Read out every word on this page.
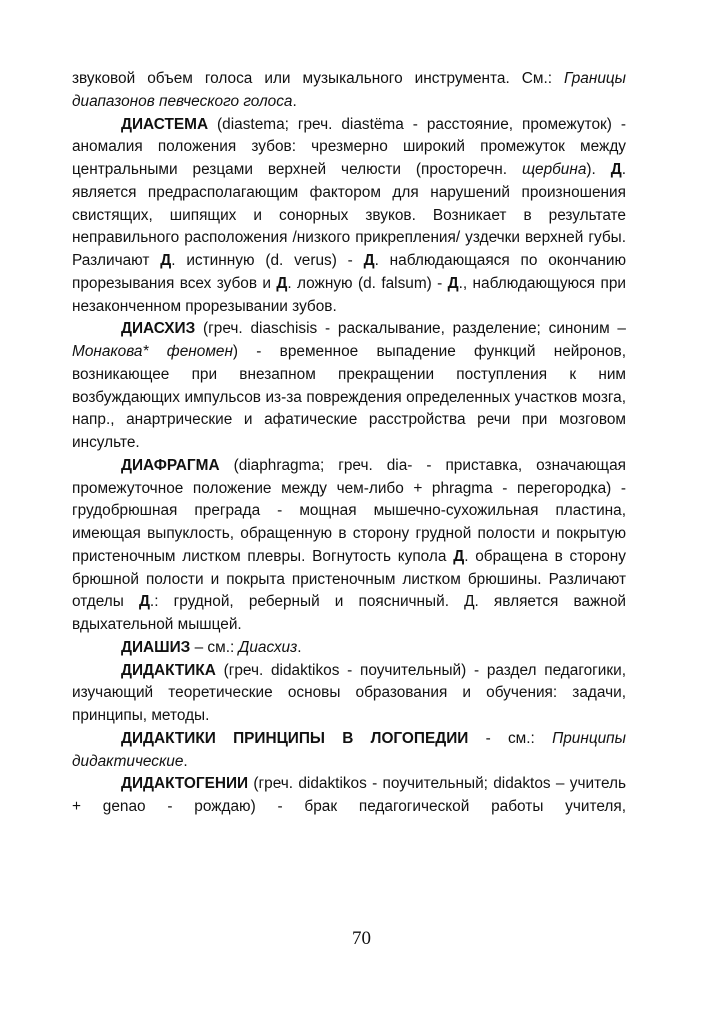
звуковой объем голоса или музыкального инструмента. См.: Границы диапазонов певческого голоса.

ДИАСТЕМА (diastema; греч. diastёma - расстояние, промежуток) - аномалия положения зубов: чрезмерно широкий промежуток между центральными резцами верхней челюсти (просторечн. щербина). Д. является предрасполагающим фактором для нарушений произношения свистящих, шипящих и сонорных звуков. Возникает в результате неправильного расположения /низкого прикрепления/ уздечки верхней губы. Различают Д. истинную (d. verus) - Д. наблюдающаяся по окончанию прорезывания всех зубов и Д. ложную (d. falsum) - Д., наблюдающуюся при незаконченном прорезывании зубов.

ДИАСХИЗ (греч. diaschisis - раскалывание, разделение; синоним – Монакова* феномен) - временное выпадение функций нейронов, возникающее при внезапном прекращении поступления к ним возбуждающих импульсов из-за повреждения определенных участков мозга, напр., анартрические и афатические расстройства речи при мозговом инсульте.

ДИАФРАГМА (diaphragma; греч. dia- - приставка, означающая промежуточное положение между чем-либо + phragma - перегородка) - грудобрюшная преграда - мощная мышечно-сухожильная пластина, имеющая выпуклость, обращенную в сторону грудной полости и покрытую пристеночным листком плевры. Вогнутость купола Д. обращена в сторону брюшной полости и покрыта пристеночным листком брюшины. Различают отделы Д.: грудной, реберный и поясничный. Д. является важной вдыхательной мышцей.

ДИАШИЗ – см.: Диасхиз.

ДИДАКТИКА (греч. didaktikos - поучительный) - раздел педагогики, изучающий теоретические основы образования и обучения: задачи, принципы, методы.

ДИДАКТИКИ ПРИНЦИПЫ В ЛОГОПЕДИИ - см.: Принципы дидактические.

ДИДАКТОГЕНИИ (греч. didaktikos - поучительный; didaktos – учитель + genao - рождаю) - брак педагогической работы учителя,

70
